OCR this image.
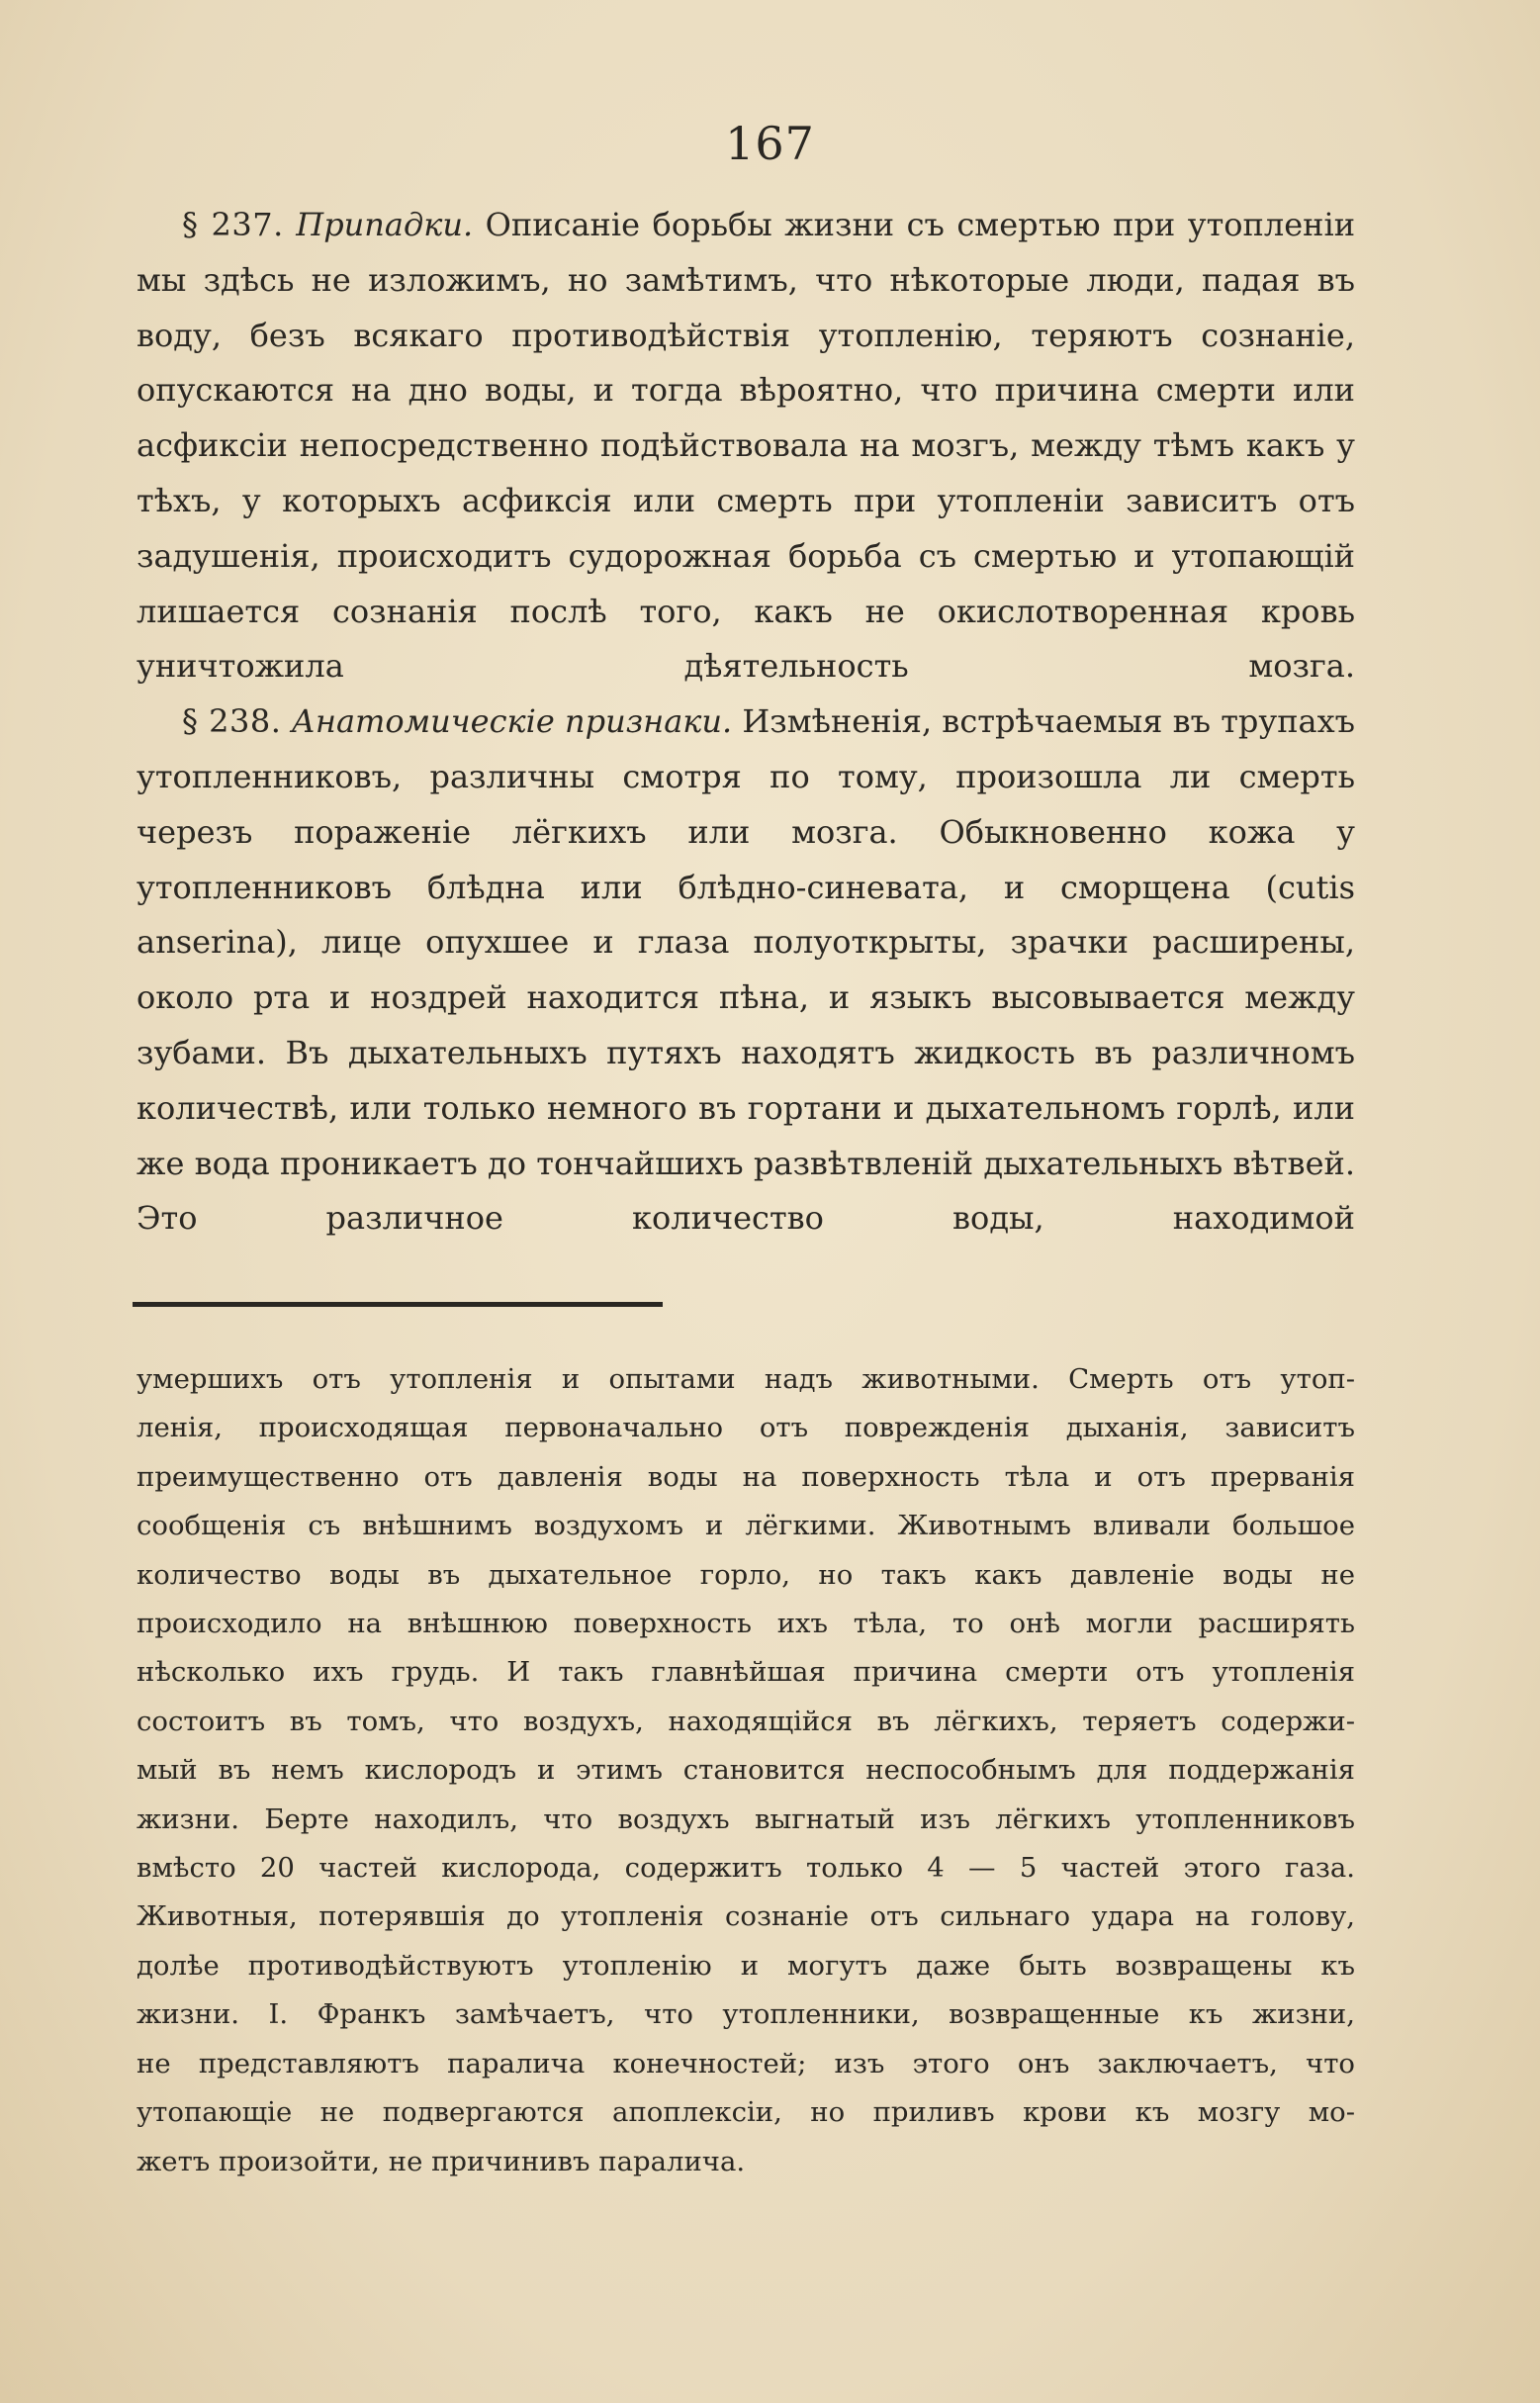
167

§ 237. Припадки. Описаніе борьбы жизни съ смертью при утопленіи мы здѣсь не изложимъ, но замѣтимъ, что нѣкоторые люди, падая въ воду, безъ всякаго противодѣйствія утопленію, теряютъ сознаніе, опускаются на дно воды, и тогда вѣроятно, что причина смерти или асфиксіи непосредственно подѣйствовала на мозгъ, между тѣмъ какъ у тѣхъ, у которыхъ асфиксія или смерть при утопленіи зависитъ отъ задушенія, происходитъ судорожная борьба съ смертью и утопающій лишается сознанія послѣ того, какъ не окислотворенная кровь уничтожила дѣятельность мозга.

§ 238. Анатомическіе признаки. Измѣненія, встрѣчаемыя въ трупахъ утопленниковъ, различны смотря по тому, произошла ли смерть черезъ пораженіе лёгкихъ или мозга. Обыкновенно кожа у утопленниковъ блѣдна или блѣдно-синевата, и сморщена (cutis anserina), лице опухшее и глаза полуоткрыты, зрачки расширены, около рта и ноздрей находится пѣна, и языкъ высовывается между зубами. Въ дыхательныхъ путяхъ находятъ жидкость въ различномъ количествѣ, или только немного въ гортани и дыхательномъ горлѣ, или же вода проникаетъ до тончайшихъ развѣтвленій дыхательныхъ вѣтвей. Это различное количество воды, находимой

умершихъ отъ утопленія и опытами надъ животными. Смерть отъ утоп-
ленія, происходящая первоначально отъ поврежденія дыханія, зависитъ
преимущественно отъ давленія воды на поверхность тѣла и отъ прерванія
сообщенія съ внѣшнимъ воздухомъ и лёгкими. Животнымъ вливали большое
количество воды въ дыхательное горло, но такъ какъ давленіе воды не
происходило на внѣшнюю поверхность ихъ тѣла, то онѣ могли расширять
нѣсколько ихъ грудь. И такъ главнѣйшая причина смерти отъ утопленія
состоитъ въ томъ, что воздухъ, находящійся въ лёгкихъ, теряетъ содержи-
мый въ немъ кислородъ и этимъ становится неспособнымъ для поддержанія
жизни. Берте находилъ, что воздухъ выгнатый изъ лёгкихъ утопленниковъ
вмѣсто 20 частей кислорода, содержитъ только 4 — 5 частей этого газа.
Животныя, потерявшія до утопленія сознаніе отъ сильнаго удара на голову,
долѣе противодѣйствуютъ утопленію и могутъ даже быть возвращены къ
жизни. І. Франкъ замѣчаетъ, что утопленники, возвращенные къ жизни,
не представляютъ паралича конечностей; изъ этого онъ заключаетъ, что
утопающіе не подвергаются апоплексіи, но приливъ крови къ мозгу мо-
жетъ произойти, не причинивъ паралича.
